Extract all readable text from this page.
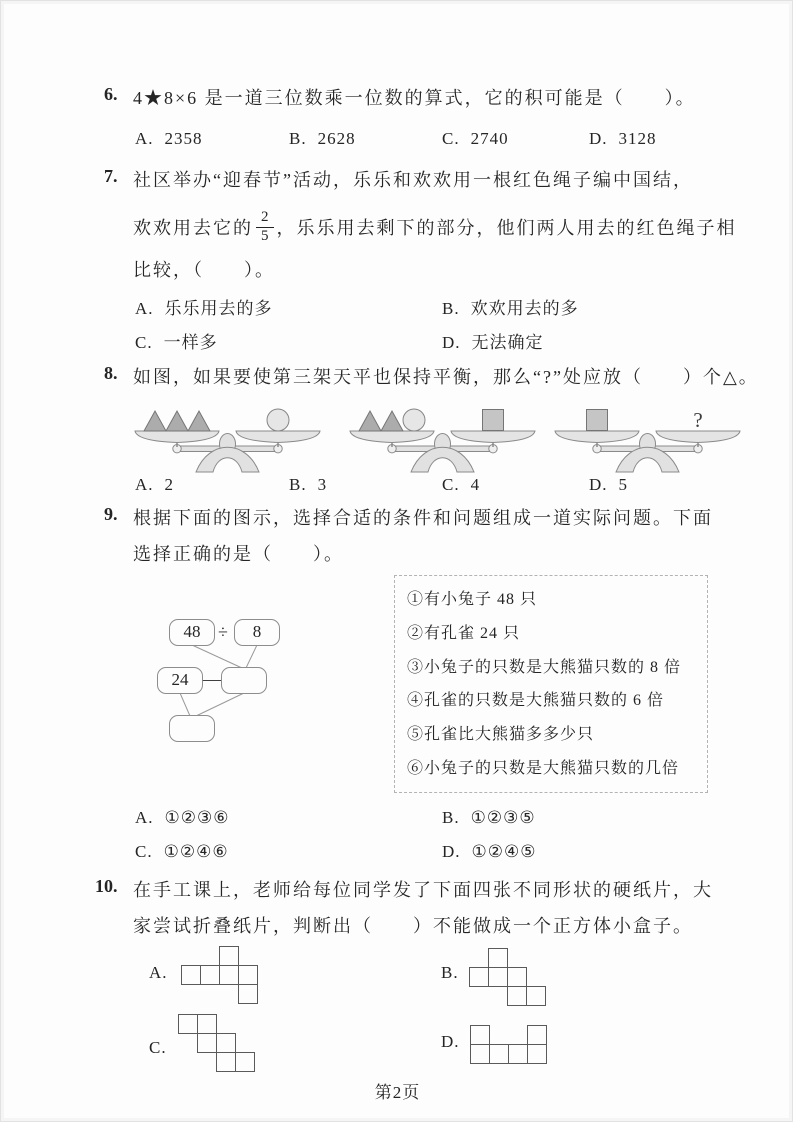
6. 4★8×6 是一道三位数乘一位数的算式，它的积可能是（　　）。
A. 2358	B. 2628	C. 2740	D. 3128
7. 社区举办“迎春节”活动，乐乐和欢欢用一根红色绳子编中国结，
欢欢用去它的 $\frac{2}{5}$ ，乐乐用去剩下的部分，他们两人用去的红色绳子相
比较，（　　）。
A. 乐乐用去的多	B. 欢欢用去的多
C. 一样多	D. 无法确定
8. 如图，如果要使第三架天平也保持平衡，那么“?”处应放（　　）个△。
?
A. 2	B. 3	C. 4	D. 5
9. 根据下面的图示，选择合适的条件和问题组成一道实际问题。下面
选择正确的是（　　）。
48 ÷	8
24 —
①有小兔子 48 只
②有孔雀 24 只
③小兔子的只数是大熊猫只数的 8 倍
④孔雀的只数是大熊猫只数的 6 倍
⑤孔雀比大熊猫多多少只
⑥小兔子的只数是大熊猫只数的几倍
A. ①②③⑥	B. ①②③⑤
C. ①②④⑥	D. ①②④⑤
10. 在手工课上，老师给每位同学发了下面四张不同形状的硬纸片，大
家尝试折叠纸片，判断出（　　）不能做成一个正方体小盒子。
A.	B.
C.	D.
第2页
